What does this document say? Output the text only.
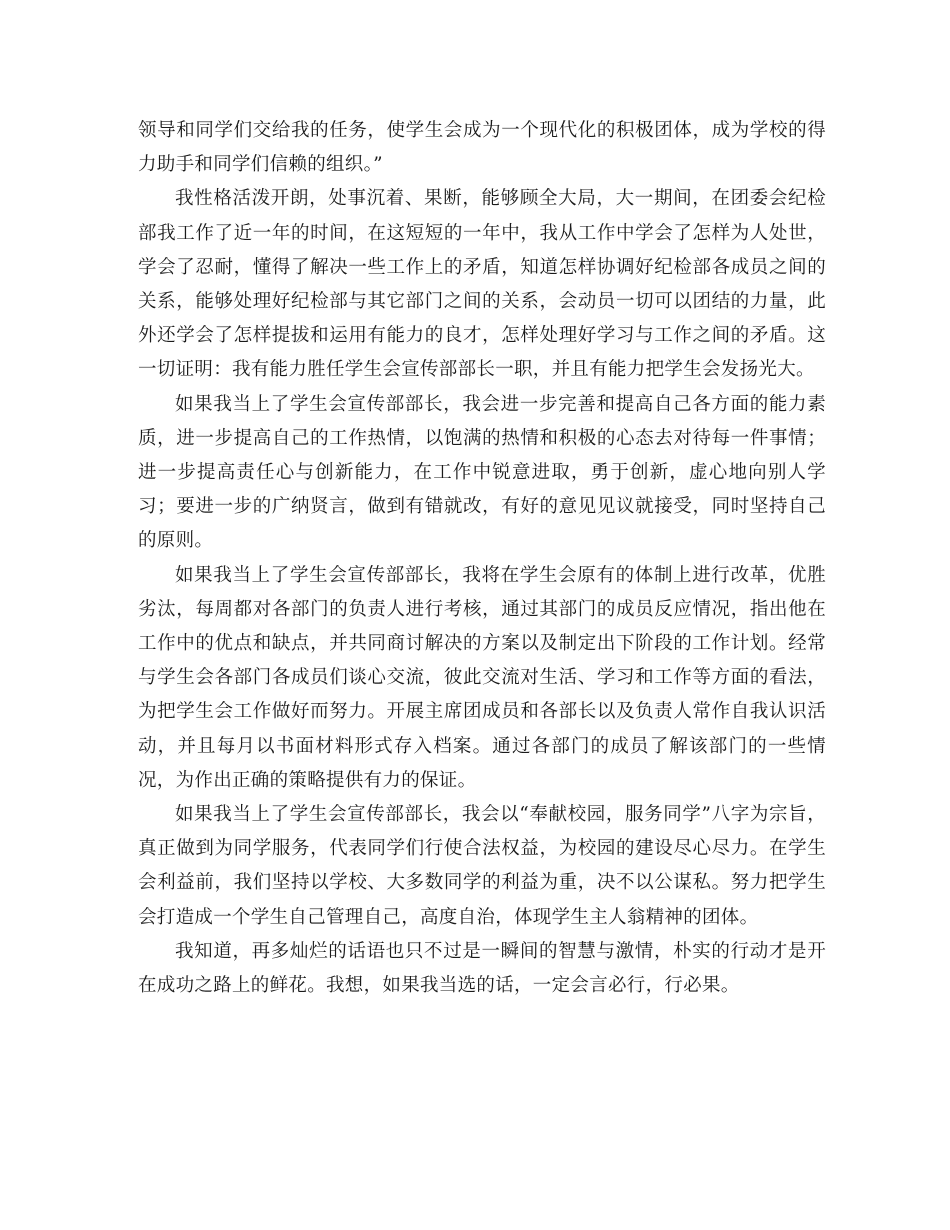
领导和同学们交给我的任务，使学生会成为一个现代化的积极团体，成为学校的得力助手和同学们信赖的组织。”

我性格活泼开朗，处事沉着、果断，能够顾全大局，大一期间，在团委会纪检部我工作了近一年的时间，在这短短的一年中，我从工作中学会了怎样为人处世，学会了忍耐，懂得了解决一些工作上的矛盾，知道怎样协调好纪检部各成员之间的关系，能够处理好纪检部与其它部门之间的关系，会动员一切可以团结的力量，此外还学会了怎样提拔和运用有能力的良才，怎样处理好学习与工作之间的矛盾。这一切证明：我有能力胜任学生会宣传部部长一职，并且有能力把学生会发扬光大。

如果我当上了学生会宣传部部长，我会进一步完善和提高自己各方面的能力素质，进一步提高自己的工作热情，以饱满的热情和积极的心态去对待每一件事情；进一步提高责任心与创新能力，在工作中锐意进取，勇于创新，虚心地向别人学习；要进一步的广纳贤言，做到有错就改，有好的意见见议就接受，同时坚持自己的原则。

如果我当上了学生会宣传部部长，我将在学生会原有的体制上进行改革，优胜劣汰，每周都对各部门的负责人进行考核，通过其部门的成员反应情况，指出他在工作中的优点和缺点，并共同商讨解决的方案以及制定出下阶段的工作计划。经常与学生会各部门各成员们谈心交流，彼此交流对生活、学习和工作等方面的看法，为把学生会工作做好而努力。开展主席团成员和各部长以及负责人常作自我认识活动，并且每月以书面材料形式存入档案。通过各部门的成员了解该部门的一些情况，为作出正确的策略提供有力的保证。

如果我当上了学生会宣传部部长，我会以“奉献校园，服务同学”八字为宗旨，真正做到为同学服务，代表同学们行使合法权益，为校园的建设尽心尽力。在学生会利益前，我们坚持以学校、大多数同学的利益为重，决不以公谋私。努力把学生会打造成一个学生自己管理自己，高度自治，体现学生主人翁精神的团体。

我知道，再多灿烂的话语也只不过是一瞬间的智慧与激情，朴实的行动才是开在成功之路上的鲜花。我想，如果我当选的话，一定会言必行，行必果。
